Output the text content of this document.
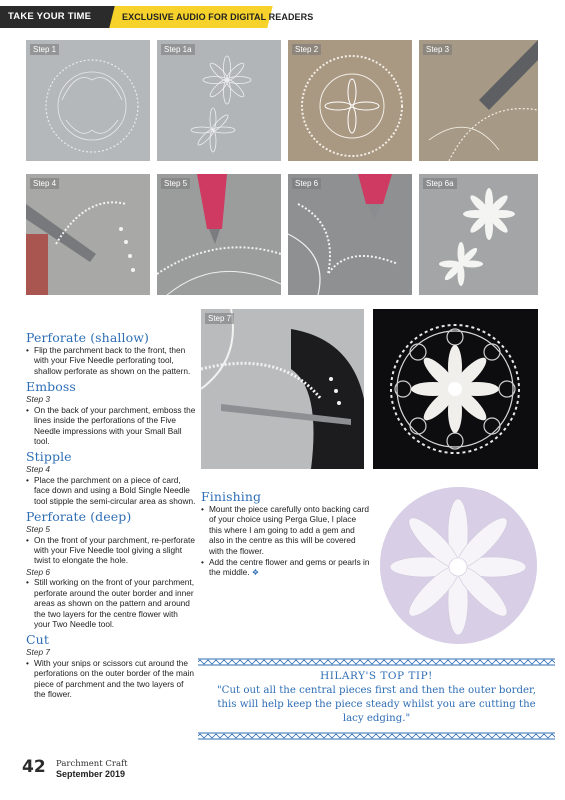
TAKE YOUR TIME	EXCLUSIVE AUDIO FOR DIGITAL READERS
Step 1	Step 1a	Step 2	Step 3
Step 4	Step 5	Step 6	Step 6a
Step 7
Perforate (shallow)
• Flip the parchment back to the front, then with your Five Needle perforating tool, shallow perforate as shown on the pattern.
Emboss
Step 3
• On the back of your parchment, emboss the lines inside the perforations of the Five Needle impressions with your Small Ball tool.
Stipple
Step 4
• Place the parchment on a piece of card, face down and using a Bold Single Needle tool stipple the semi-circular area as shown.
Perforate (deep)
Step 5
• On the front of your parchment, re-perforate with your Five Needle tool giving a slight twist to elongate the hole.
Step 6
• Still working on the front of your parchment, perforate around the outer border and inner areas as shown on the pattern and around the two layers for the centre flower with your Two Needle tool.
Cut
Step 7
• With your snips or scissors cut around the perforations on the outer border of the main piece of parchment and the two layers of the flower.
Finishing
• Mount the piece carefully onto backing card of your choice using Perga Glue, I place this where I am going to add a gem and also in the centre as this will be covered with the flower.
• Add the centre flower and gems or pearls in the middle. ❖
HILARY'S TOP TIP!
"Cut out all the central pieces first and then the outer border, this will help keep the piece steady whilst you are cutting the lacy edging."
42 Parchment Craft
September 2019
